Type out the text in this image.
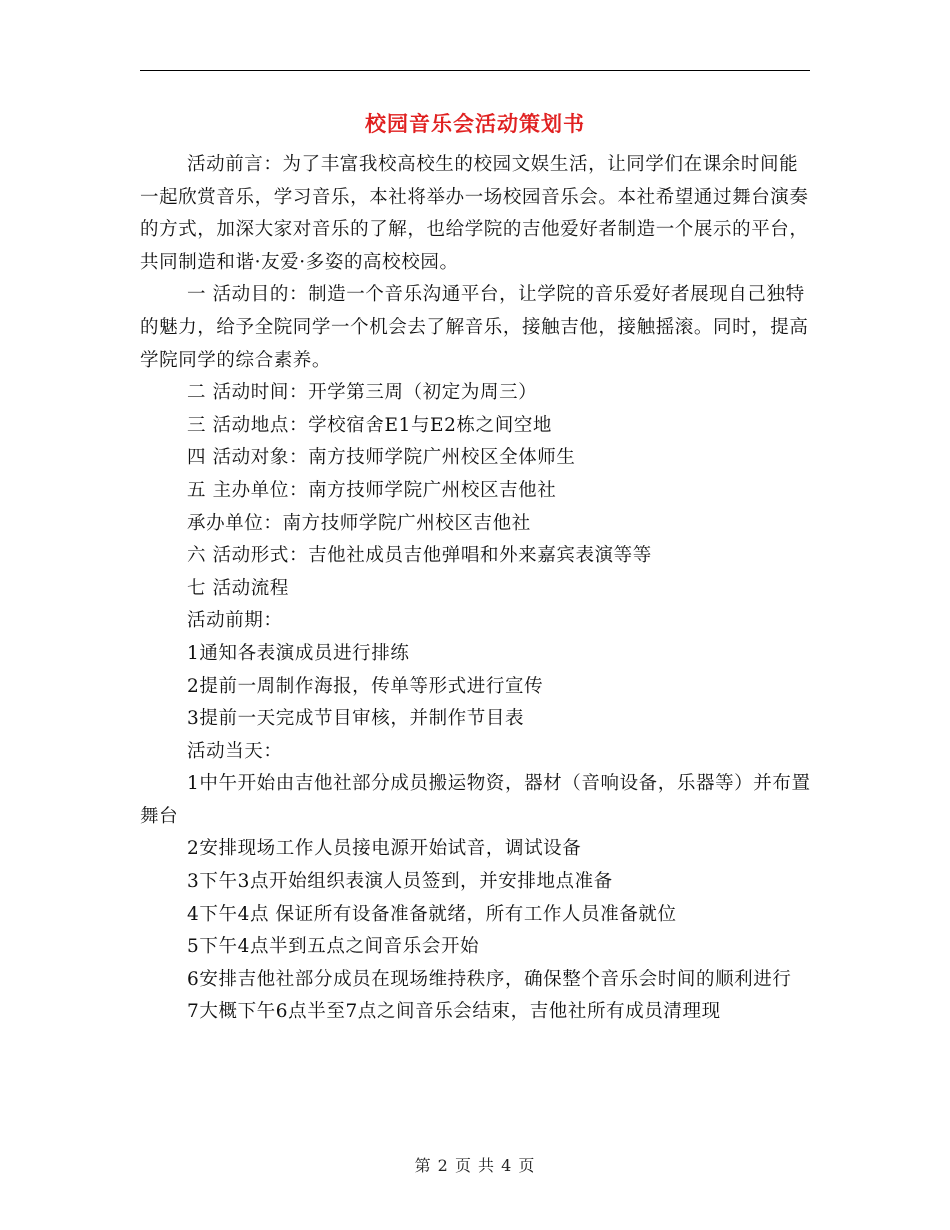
校园音乐会活动策划书

活动前言：为了丰富我校高校生的校园文娱生活，让同学们在课余时间能一起欣赏音乐，学习音乐，本社将举办一场校园音乐会。本社希望通过舞台演奏的方式，加深大家对音乐的了解，也给学院的吉他爱好者制造一个展示的平台，共同制造和谐·友爱·多姿的高校校园。

一 活动目的：制造一个音乐沟通平台，让学院的音乐爱好者展现自己独特的魅力，给予全院同学一个机会去了解音乐，接触吉他，接触摇滚。同时，提高学院同学的综合素养。

二 活动时间：开学第三周（初定为周三）

三 活动地点：学校宿舍E1与E2栋之间空地

四 活动对象：南方技师学院广州校区全体师生

五 主办单位：南方技师学院广州校区吉他社

承办单位：南方技师学院广州校区吉他社

六 活动形式：吉他社成员吉他弹唱和外来嘉宾表演等等

七 活动流程

活动前期：

1通知各表演成员进行排练

2提前一周制作海报，传单等形式进行宣传

3提前一天完成节目审核，并制作节目表

活动当天：

1中午开始由吉他社部分成员搬运物资，器材（音响设备，乐器等）并布置舞台

2安排现场工作人员接电源开始试音，调试设备

3下午3点开始组织表演人员签到，并安排地点准备

4下午4点 保证所有设备准备就绪，所有工作人员准备就位

5下午4点半到五点之间音乐会开始

6安排吉他社部分成员在现场维持秩序，确保整个音乐会时间的顺利进行

7大概下午6点半至7点之间音乐会结束，吉他社所有成员清理现

第 2 页 共 4 页
